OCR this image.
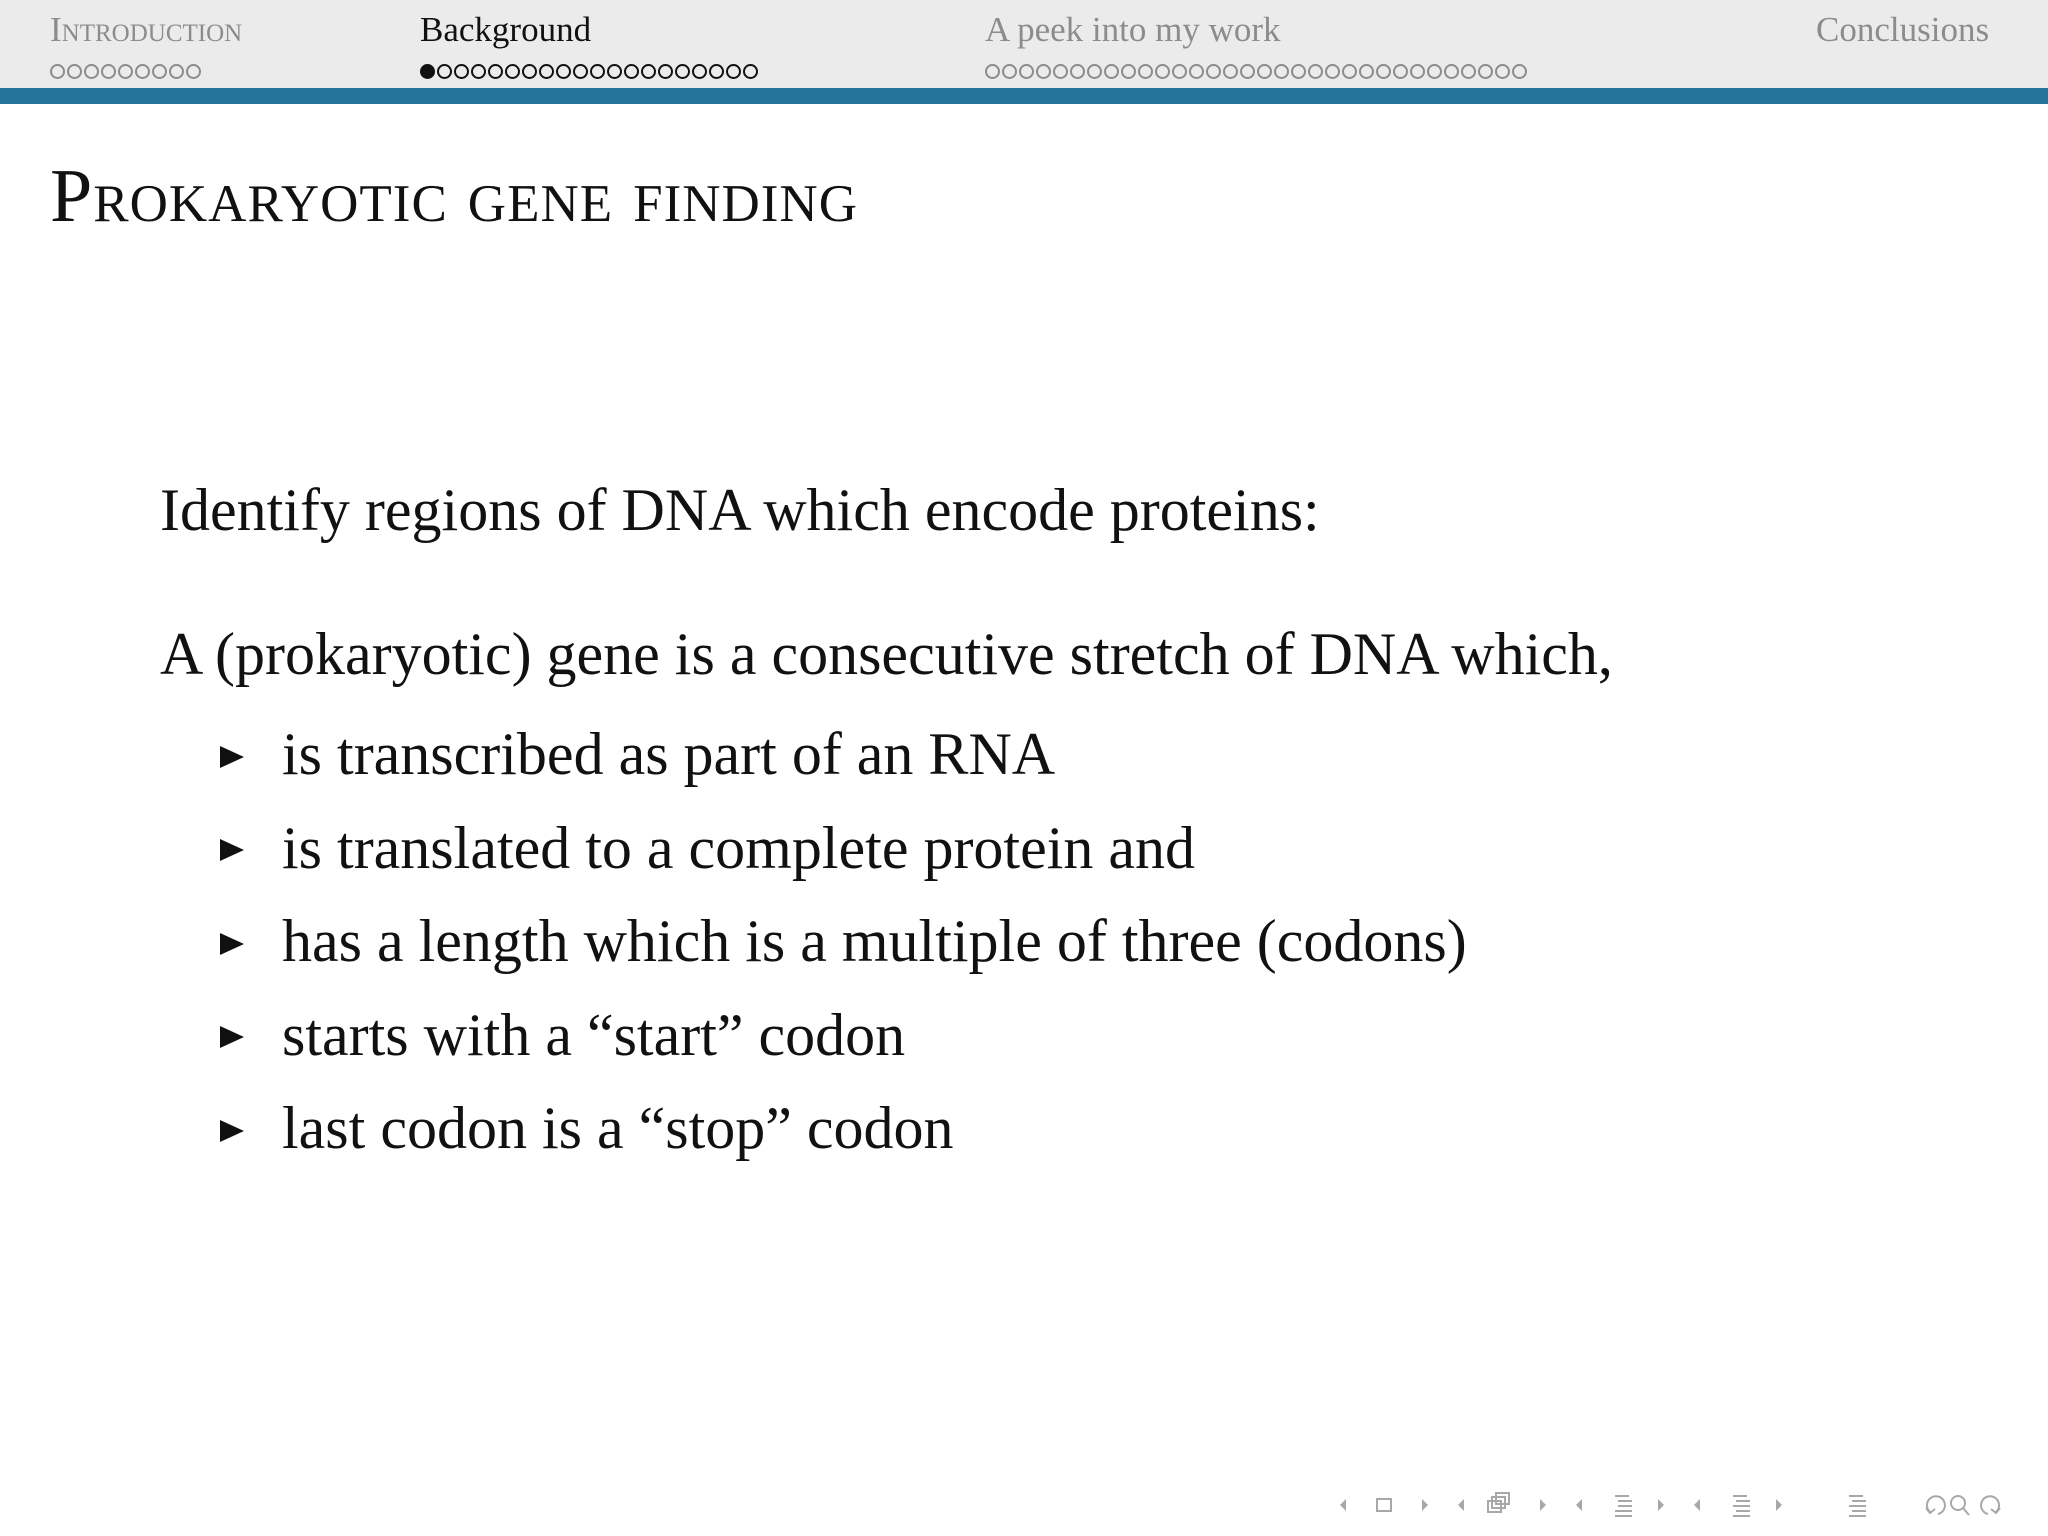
Introduction	Background	A peek into my work	Conclusions
Prokaryotic gene finding
Identify regions of DNA which encode proteins:
A (prokaryotic) gene is a consecutive stretch of DNA which,
is transcribed as part of an RNA
is translated to a complete protein and
has a length which is a multiple of three (codons)
starts with a “start” codon
last codon is a “stop” codon
